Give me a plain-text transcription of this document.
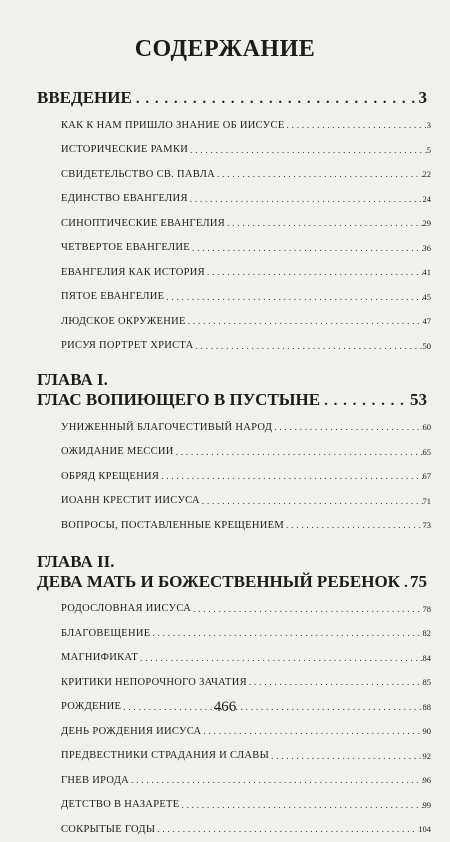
СОДЕРЖАНИЕ
ВВЕДЕНИЕ . . .	3
КАК К НАМ ПРИШЛО ЗНАНИЕ ОБ ИИСУСЕ . . .	3
ИСТОРИЧЕСКИЕ РАМКИ . . .	5
СВИДЕТЕЛЬСТВО СВ. ПАВЛА . . .	22
ЕДИНСТВО ЕВАНГЕЛИЯ . . .	24
СИНОПТИЧЕСКИЕ ЕВАНГЕЛИЯ . . .	29
ЧЕТВЕРТОЕ ЕВАНГЕЛИЕ . . .	36
ЕВАНГЕЛИЯ КАК ИСТОРИЯ . . .	41
ПЯТОЕ ЕВАНГЕЛИЕ . . .	45
ЛЮДСКОЕ ОКРУЖЕНИЕ . . .	47
РИСУЯ ПОРТРЕТ ХРИСТА . . .	50
ГЛАВА I.
ГЛАС ВОПИЮЩЕГО В ПУСТЫНЕ . . .	53
УНИЖЕННЫЙ БЛАГОЧЕСТИВЫЙ НАРОД . . .	60
ОЖИДАНИЕ МЕССИИ . . .	65
ОБРЯД КРЕЩЕНИЯ . . .	67
ИОАНН КРЕСТИТ ИИСУСА . . .	71
ВОПРОСЫ, ПОСТАВЛЕННЫЕ КРЕЩЕНИЕМ . . .	73
ГЛАВА II.
ДЕВА МАТЬ И БОЖЕСТВЕННЫЙ РЕБЕНОК . . . 75
РОДОСЛОВНАЯ ИИСУСА . . .	78
БЛАГОВЕЩЕНИЕ . . .	82
МАГНИФИКАТ . . .	84
КРИТИКИ НЕПОРОЧНОГО ЗАЧАТИЯ . . .	85
РОЖДЕНИЕ . . .	88
ДЕНЬ РОЖДЕНИЯ ИИСУСА . . .	90
ПРЕДВЕСТНИКИ СТРАДАНИЯ И СЛАВЫ . . .	92
ГНЕВ ИРОДА . . .	96
ДЕТСТВО В НАЗАРЕТЕ . . .	99
СОКРЫТЫЕ ГОДЫ . . .	104
466
